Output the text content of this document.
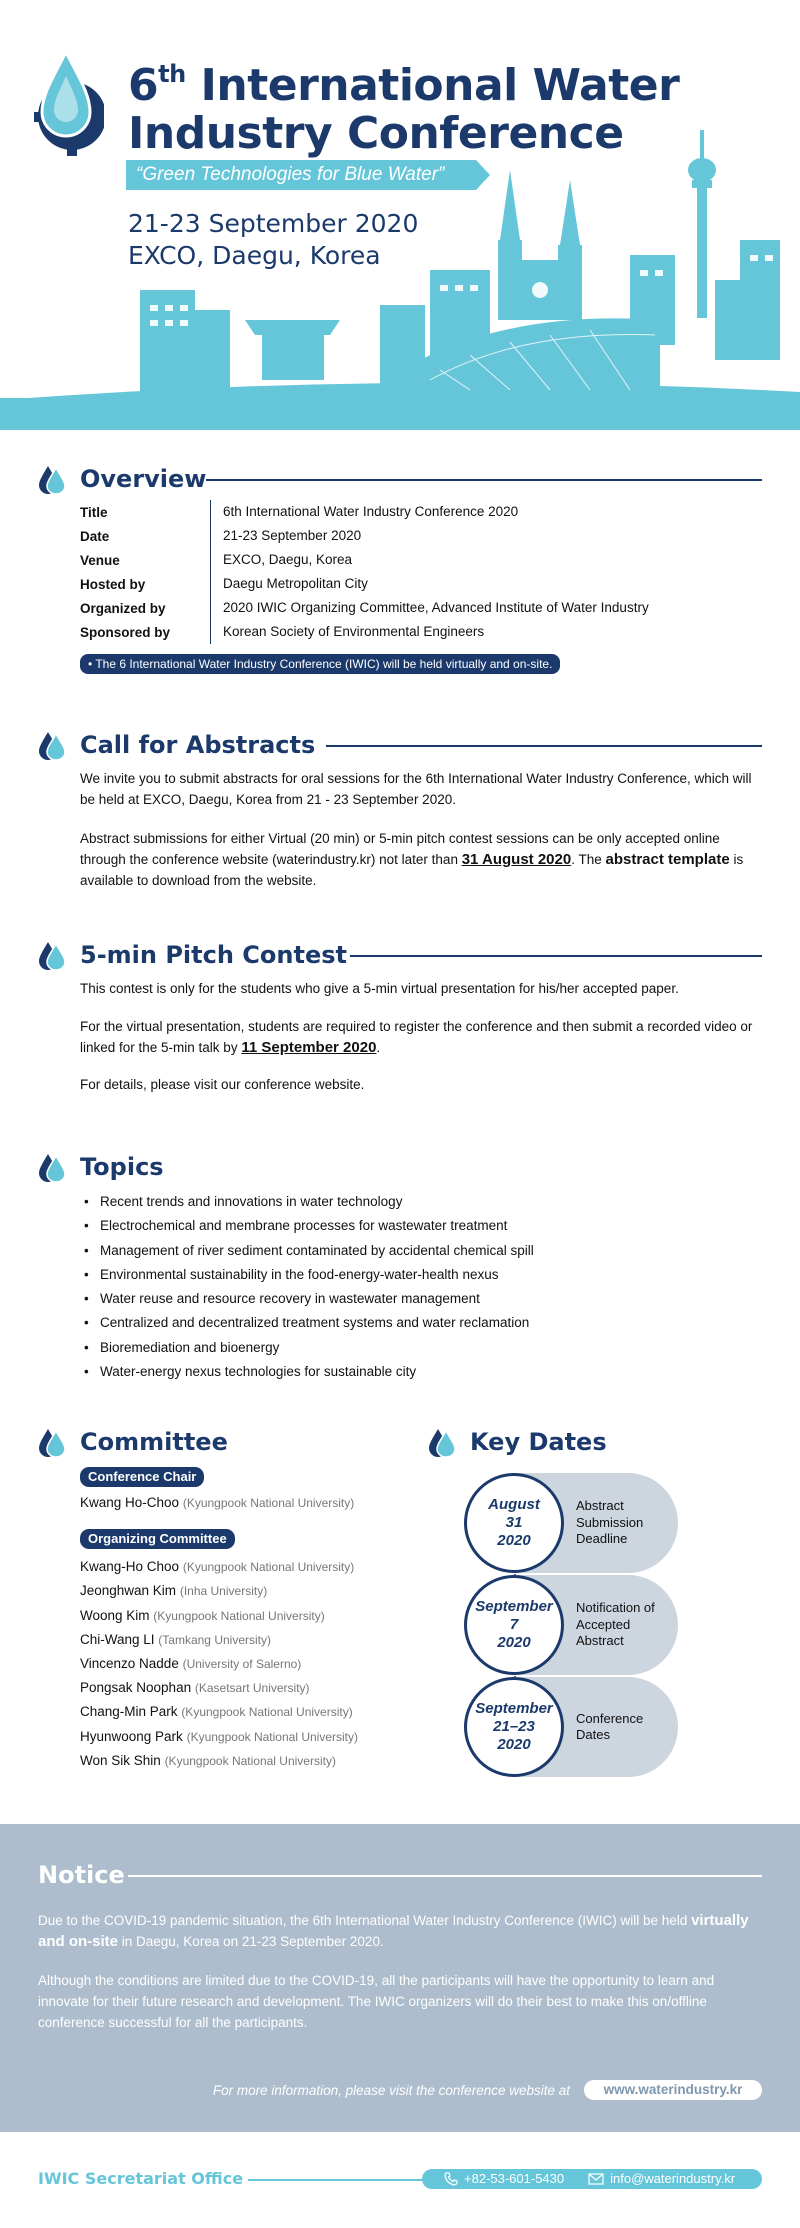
6th International Water
Industry Conference
“Green Technologies for Blue Water”
21-23 September 2020
EXCO, Daegu, Korea
Overview
Title	6th International Water Industry Conference 2020
Date	21-23 September 2020
Venue	EXCO, Daegu, Korea
Hosted by	Daegu Metropolitan City
Organized by	2020 IWIC Organizing Committee, Advanced Institute of Water Industry
Sponsored by	Korean Society of Environmental Engineers
• The 6 International Water Industry Conference (IWIC) will be held virtually and on-site.
Call for Abstracts
We invite you to submit abstracts for oral sessions for the 6th International Water Industry Conference, which will be held at EXCO, Daegu, Korea from 21 - 23 September 2020.
Abstract submissions for either Virtual (20 min) or 5-min pitch contest sessions can be only accepted online through the conference website (waterindustry.kr) not later than 31 August 2020. The abstract template is available to download from the website.
5-min Pitch Contest
This contest is only for the students who give a 5-min virtual presentation for his/her accepted paper.
For the virtual presentation, students are required to register the conference and then submit a recorded video or linked for the 5-min talk by 11 September 2020.
For details, please visit our conference website.
Topics
• Recent trends and innovations in water technology
• Electrochemical and membrane processes for wastewater treatment
• Management of river sediment contaminated by accidental chemical spill
• Environmental sustainability in the food-energy-water-health nexus
• Water reuse and resource recovery in wastewater management
• Centralized and decentralized treatment systems and water reclamation
• Bioremediation and bioenergy
• Water-energy nexus technologies for sustainable city
Committee
Conference Chair
Kwang Ho-Choo (Kyungpook National University)
Organizing Committee
Kwang-Ho Choo (Kyungpook National University)
Jeonghwan Kim (Inha University)
Woong Kim (Kyungpook National University)
Chi-Wang LI (Tamkang University)
Vincenzo Nadde (University of Salerno)
Pongsak Noophan (Kasetsart University)
Chang-Min Park (Kyungpook National University)
Hyunwoong Park (Kyungpook National University)
Won Sik Shin (Kyungpook National University)
Key Dates
August
31
2020
Abstract Submission Deadline
September
7
2020
Notification of Accepted Abstract
September
21–23
2020
Conference Dates
Notice
Due to the COVID-19 pandemic situation, the 6th International Water Industry Conference (IWIC) will be held virtually and on-site in Daegu, Korea on 21-23 September 2020.
Although the conditions are limited due to the COVID-19, all the participants will have the opportunity to learn and innovate for their future research and development. The IWIC organizers will do their best to make this on/offline conference successful for all the participants.
For more information, please visit the conference website at	www.waterindustry.kr
IWIC Secretariat Office	+82-53-601-5430	info@waterindustry.kr
